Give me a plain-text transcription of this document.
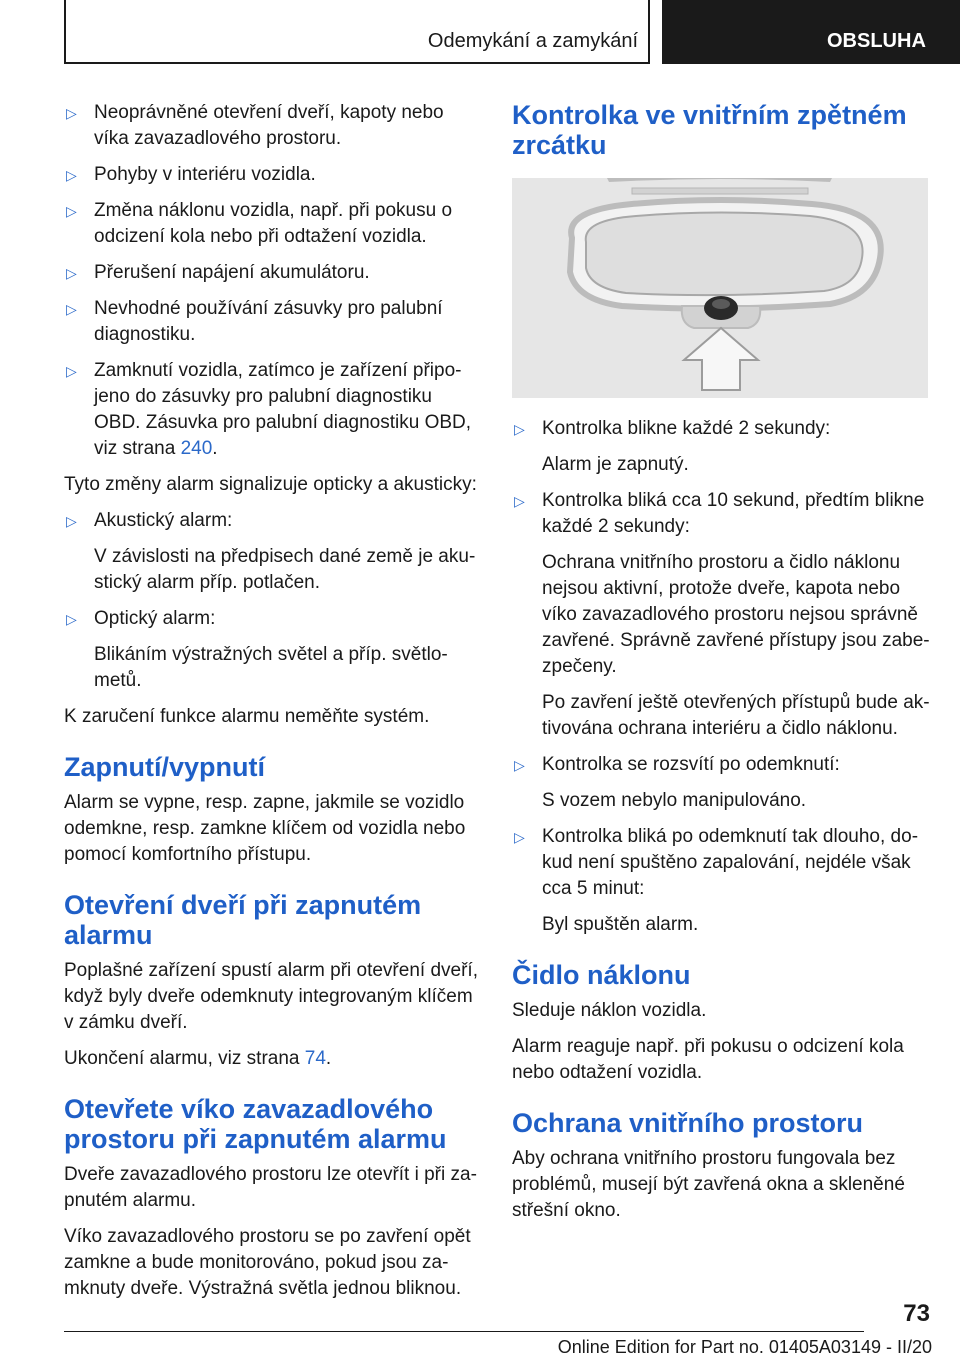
Odemykání a zamykání	OBSLUHA
▷ Neoprávněné otevření dveří, kapoty nebo víka zavazadlového prostoru.
▷ Pohyby v interiéru vozidla.
▷ Změna náklonu vozidla, např. při pokusu o odcizení kola nebo při odtažení vozidla.
▷ Přerušení napájení akumulátoru.
▷ Nevhodné používání zásuvky pro palubní diagnostiku.
▷ Zamknutí vozidla, zatímco je zařízení připojeno do zásuvky pro palubní diagnostiku OBD. Zásuvka pro palubní diagnostiku OBD, viz strana 240.

Tyto změny alarm signalizuje opticky a akusticky:

▷ Akustický alarm:
V závislosti na předpisech dané země je akustický alarm příp. potlačen.
▷ Optický alarm:
Blikáním výstražných světel a příp. světlometů.

K zaručení funkce alarmu neměňte systém.

Zapnutí/vypnutí

Alarm se vypne, resp. zapne, jakmile se vozidlo odemkne, resp. zamkne klíčem od vozidla nebo pomocí komfortního přístupu.

Otevření dveří při zapnutém alarmu

Poplašné zařízení spustí alarm při otevření dveří, když byly dveře odemknuty integrovaným klíčem v zámku dveří.

Ukončení alarmu, viz strana 74.

Otevřete víko zavazadlového prostoru při zapnutém alarmu

Dveře zavazadlového prostoru lze otevřít i při zapnutém alarmu.

Víko zavazadlového prostoru se po zavření opět zamkne a bude monitorováno, pokud jsou zamknuty dveře. Výstražná světla jednou bliknou.

Kontrolka ve vnitřním zpětném zrcátku
▷ Kontrolka blikne každé 2 sekundy:
Alarm je zapnutý.
▷ Kontrolka bliká cca 10 sekund, předtím blikne každé 2 sekundy:
Ochrana vnitřního prostoru a čidlo náklonu nejsou aktivní, protože dveře, kapota nebo víko zavazadlového prostoru nejsou správně zavřené. Správně zavřené přístupy jsou zabezpečeny.
Po zavření ještě otevřených přístupů bude aktivována ochrana interiéru a čidlo náklonu.
▷ Kontrolka se rozsvítí po odemknutí:
S vozem nebylo manipulováno.
▷ Kontrolka bliká po odemknutí tak dlouho, dokud není spuštěno zapalování, nejdéle však cca 5 minut:
Byl spuštěn alarm.
Čidlo náklonu

Sleduje náklon vozidla.

Alarm reaguje např. při pokusu o odcizení kola nebo odtažení vozidla.

Ochrana vnitřního prostoru

Aby ochrana vnitřního prostoru fungovala bez problémů, musejí být zavřená okna a skleněné střešní okno.

73
Online Edition for Part no. 01405A03149 - II/20
